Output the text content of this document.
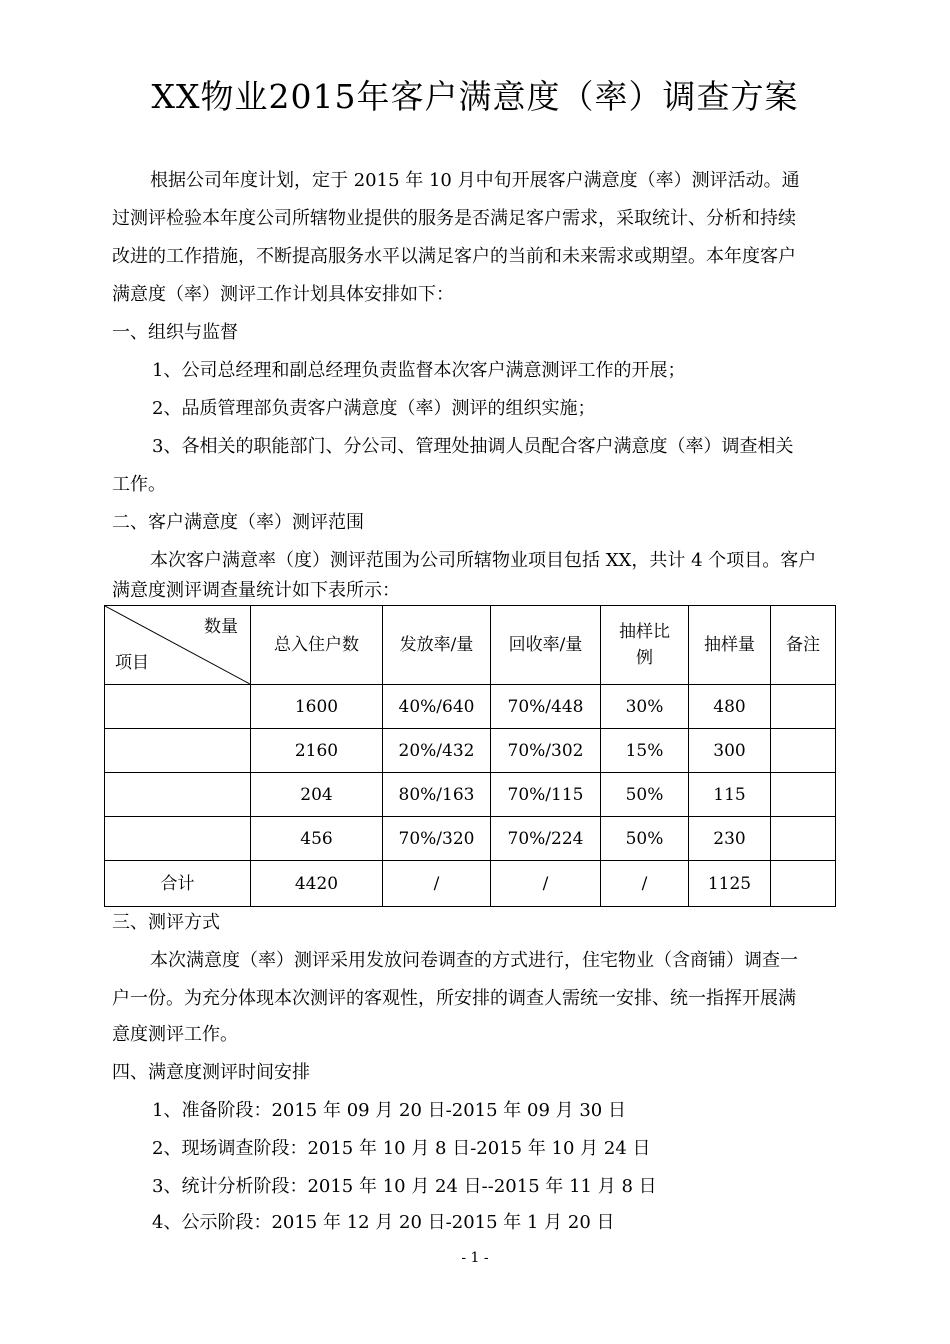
XX物业2015年客户满意度（率）调查方案
根据公司年度计划，定于 2015 年 10 月中旬开展客户满意度（率）测评活动。通
过测评检验本年度公司所辖物业提供的服务是否满足客户需求，采取统计、分析和持续
改进的工作措施，不断提高服务水平以满足客户的当前和未来需求或期望。本年度客户
满意度（率）测评工作计划具体安排如下：
一、组织与监督
1、公司总经理和副总经理负责监督本次客户满意测评工作的开展；
2、品质管理部负责客户满意度（率）测评的组织实施；
3、各相关的职能部门、分公司、管理处抽调人员配合客户满意度（率）调查相关
工作。
二、客户满意度（率）测评范围
本次客户满意率（度）测评范围为公司所辖物业项目包括 XX，共计 4 个项目。客户
满意度测评调查量统计如下表所示：
数量
项目	总入住户数	发放率/量	回收率/量	抽样比例	抽样量	备注
	1600	40%/640	70%/448	30%	480	
	2160	20%/432	70%/302	15%	300	
	204	80%/163	70%/115	50%	115	
	456	70%/320	70%/224	50%	230	
合计	4420	/	/	/	1125	
三、测评方式
本次满意度（率）测评采用发放问卷调查的方式进行，住宅物业（含商铺）调查一
户一份。为充分体现本次测评的客观性，所安排的调查人需统一安排、统一指挥开展满
意度测评工作。
四、满意度测评时间安排
1、准备阶段：2015 年 09 月 20 日-2015 年 09 月 30 日
2、现场调查阶段：2015 年 10 月 8 日-2015 年 10 月 24 日
3、统计分析阶段：2015 年 10 月 24 日--2015 年 11 月 8 日
4、公示阶段：2015 年 12 月 20 日-2015 年 1 月 20 日
- 1 -
